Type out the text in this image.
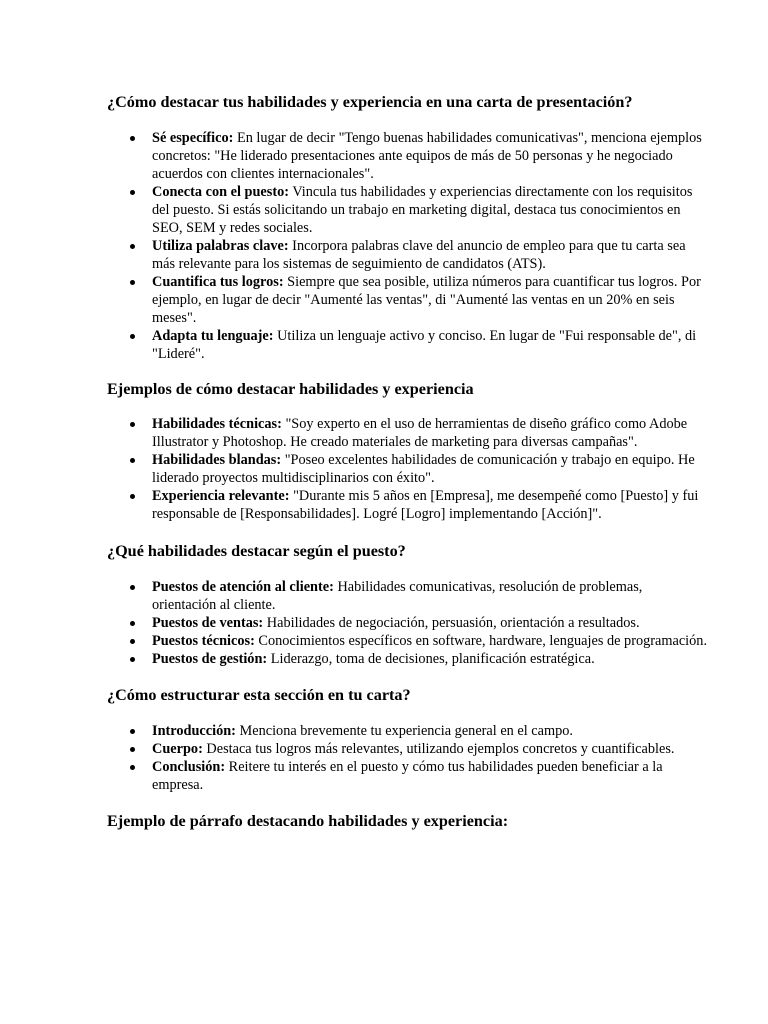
¿Cómo destacar tus habilidades y experiencia en una carta de presentación?
Sé específico: En lugar de decir "Tengo buenas habilidades comunicativas", menciona ejemplos concretos: "He liderado presentaciones ante equipos de más de 50 personas y he negociado acuerdos con clientes internacionales".
Conecta con el puesto: Vincula tus habilidades y experiencias directamente con los requisitos del puesto. Si estás solicitando un trabajo en marketing digital, destaca tus conocimientos en SEO, SEM y redes sociales.
Utiliza palabras clave: Incorpora palabras clave del anuncio de empleo para que tu carta sea más relevante para los sistemas de seguimiento de candidatos (ATS).
Cuantifica tus logros: Siempre que sea posible, utiliza números para cuantificar tus logros. Por ejemplo, en lugar de decir "Aumenté las ventas", di "Aumenté las ventas en un 20% en seis meses".
Adapta tu lenguaje: Utiliza un lenguaje activo y conciso. En lugar de "Fui responsable de", di "Lideré".
Ejemplos de cómo destacar habilidades y experiencia
Habilidades técnicas: "Soy experto en el uso de herramientas de diseño gráfico como Adobe Illustrator y Photoshop. He creado materiales de marketing para diversas campañas".
Habilidades blandas: "Poseo excelentes habilidades de comunicación y trabajo en equipo. He liderado proyectos multidisciplinarios con éxito".
Experiencia relevante: "Durante mis 5 años en [Empresa], me desempeñé como [Puesto] y fui responsable de [Responsabilidades]. Logré [Logro] implementando [Acción]".
¿Qué habilidades destacar según el puesto?
Puestos de atención al cliente: Habilidades comunicativas, resolución de problemas, orientación al cliente.
Puestos de ventas: Habilidades de negociación, persuasión, orientación a resultados.
Puestos técnicos: Conocimientos específicos en software, hardware, lenguajes de programación.
Puestos de gestión: Liderazgo, toma de decisiones, planificación estratégica.
¿Cómo estructurar esta sección en tu carta?
Introducción: Menciona brevemente tu experiencia general en el campo.
Cuerpo: Destaca tus logros más relevantes, utilizando ejemplos concretos y cuantificables.
Conclusión: Reitere tu interés en el puesto y cómo tus habilidades pueden beneficiar a la empresa.
Ejemplo de párrafo destacando habilidades y experiencia:
